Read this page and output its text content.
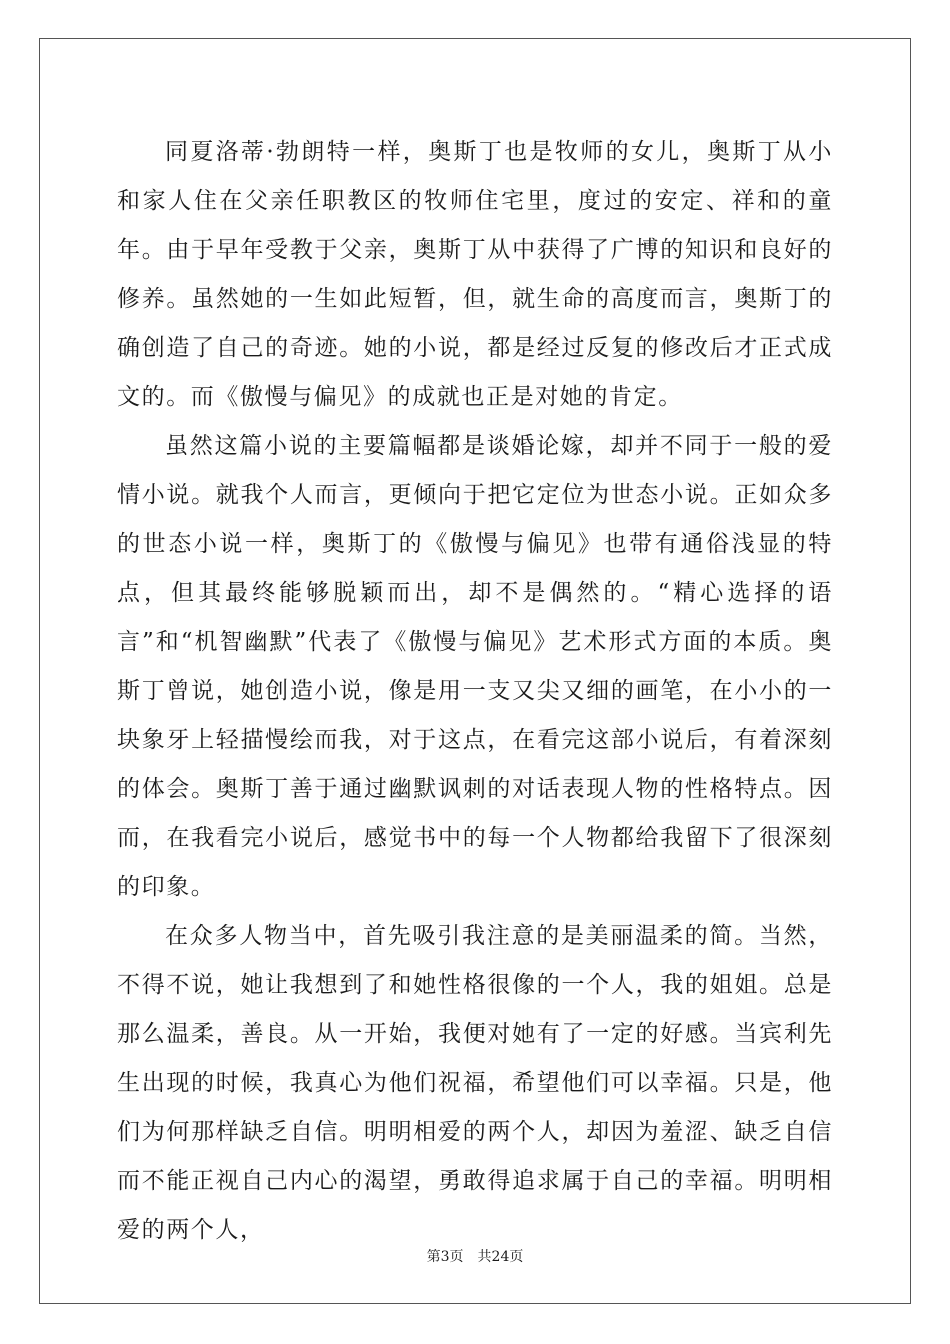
同夏洛蒂·勃朗特一样，奥斯丁也是牧师的女儿，奥斯丁从小和家人住在父亲任职教区的牧师住宅里，度过的安定、祥和的童年。由于早年受教于父亲，奥斯丁从中获得了广博的知识和良好的修养。虽然她的一生如此短暂，但，就生命的高度而言，奥斯丁的确创造了自己的奇迹。她的小说，都是经过反复的修改后才正式成文的。而《傲慢与偏见》的成就也正是对她的肯定。

虽然这篇小说的主要篇幅都是谈婚论嫁，却并不同于一般的爱情小说。就我个人而言，更倾向于把它定位为世态小说。正如众多的世态小说一样，奥斯丁的《傲慢与偏见》也带有通俗浅显的特点，但其最终能够脱颖而出，却不是偶然的。“精心选择的语言”和“机智幽默”代表了《傲慢与偏见》艺术形式方面的本质。奥斯丁曾说，她创造小说，像是用一支又尖又细的画笔，在小小的一块象牙上轻描慢绘而我，对于这点，在看完这部小说后，有着深刻的体会。奥斯丁善于通过幽默讽刺的对话表现人物的性格特点。因而，在我看完小说后，感觉书中的每一个人物都给我留下了很深刻的印象。

在众多人物当中，首先吸引我注意的是美丽温柔的简。当然，不得不说，她让我想到了和她性格很像的一个人，我的姐姐。总是那么温柔，善良。从一开始，我便对她有了一定的好感。当宾利先生出现的时候，我真心为他们祝福，希望他们可以幸福。只是，他们为何那样缺乏自信。明明相爱的两个人，却因为羞涩、缺乏自信而不能正视自己内心的渴望，勇敢得追求属于自己的幸福。明明相爱的两个人，

第3页 共24页
